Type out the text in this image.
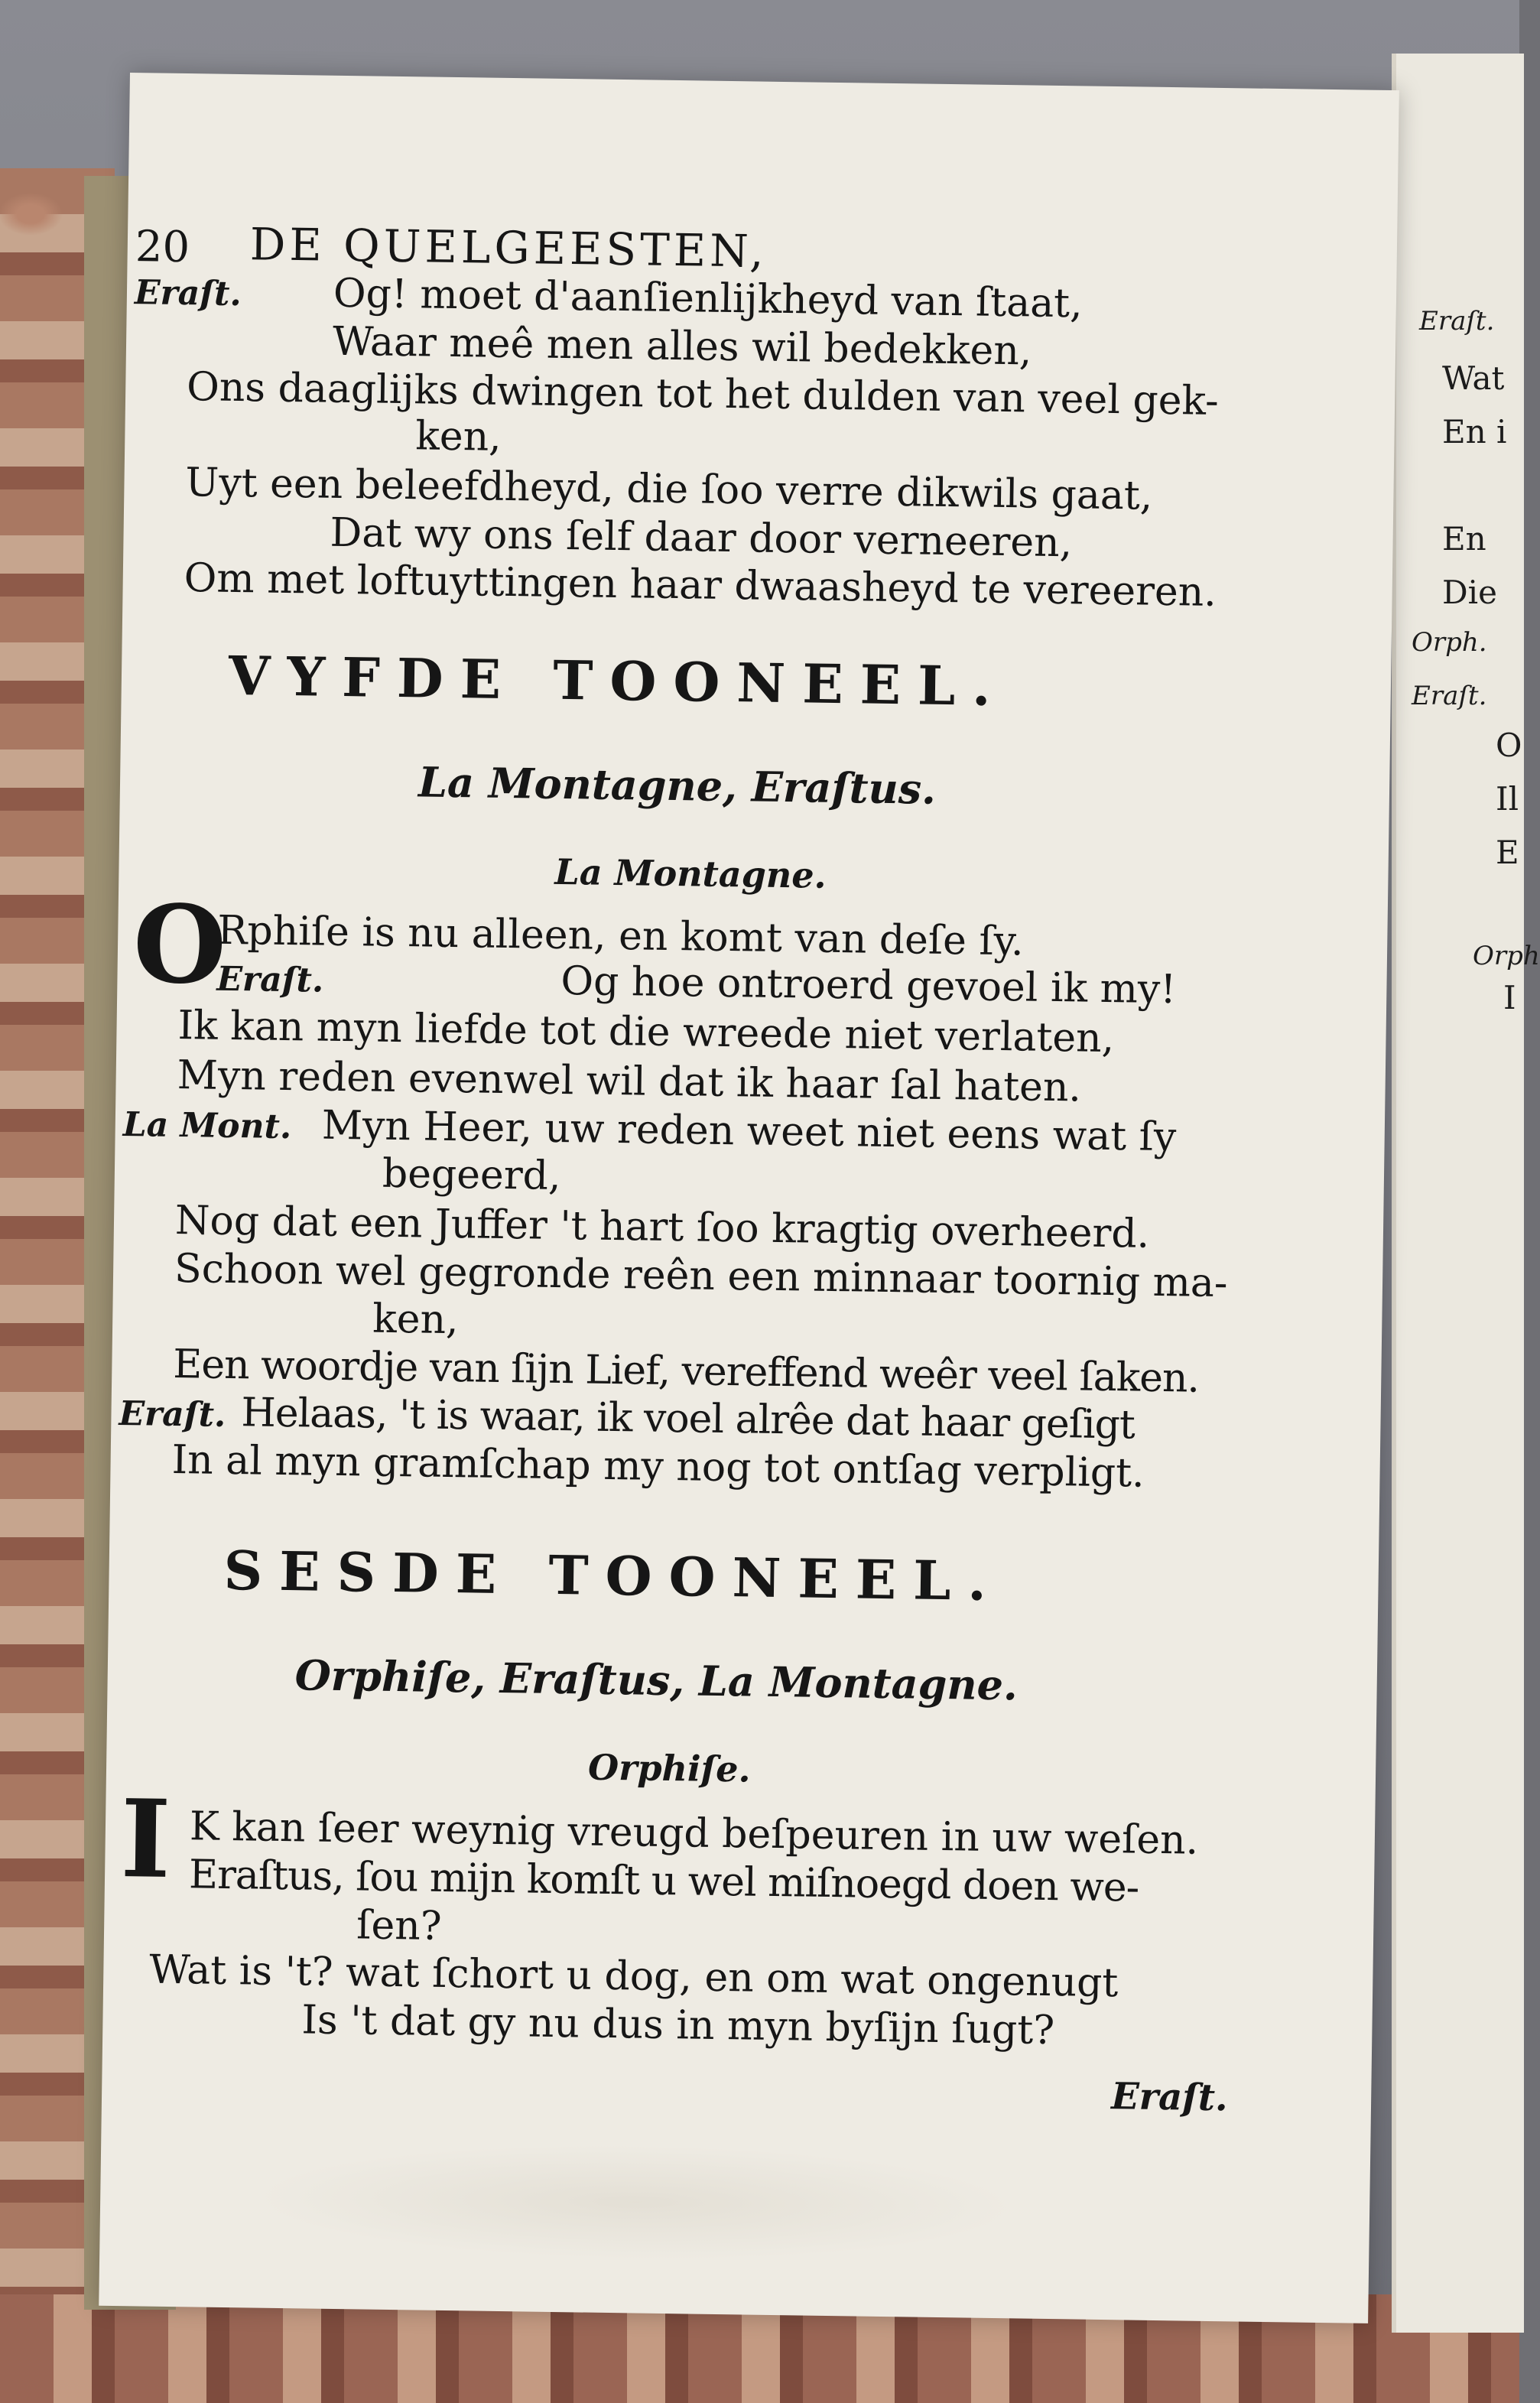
Eraſt.
Wat
En i
En
Die
Orph.
Eraſt.
O
Il
E
Orph
I
20 DE QUELGEESTEN,
Eraſt. Og! moet d'aanſienlijkheyd van ſtaat,
Waar meê men alles wil bedekken,
Ons daaglijks dwingen tot het dulden van veel gek-
ken,
Uyt een beleefdheyd, die ſoo verre dikwils gaat,
Dat wy ons ſelf daar door verneeren,
Om met loftuyttingen haar dwaasheyd te vereeren.
VYFDE TOONEEL.
La Montagne, Eraſtus.
La Montagne.
O
Rphiſe is nu alleen, en komt van deſe ſy.
Eraſt.	Og hoe ontroerd gevoel ik my!
Ik kan myn liefde tot die wreede niet verlaten,
Myn reden evenwel wil dat ik haar ſal haten.
La Mont. Myn Heer, uw reden weet niet eens wat ſy
begeerd,
Nog dat een Juffer 't hart ſoo kragtig overheerd.
Schoon wel gegronde reên een minnaar toornig ma-
ken,
Een woordje van ſijn Lief, vereffend weêr veel ſaken.
Eraſt. Helaas, 't is waar, ik voel alrêe dat haar geſigt
In al myn gramſchap my nog tot ontſag verpligt.
SESDE TOONEEL.
Orphiſe, Eraſtus, La Montagne.
Orphiſe.
I K kan ſeer weynig vreugd beſpeuren in uw weſen.
Eraſtus, ſou mijn komſt u wel miſnoegd doen we-
ſen?
Wat is 't? wat ſchort u dog, en om wat ongenugt
Is 't dat gy nu dus in myn byſijn ſugt?
Eraſt.
